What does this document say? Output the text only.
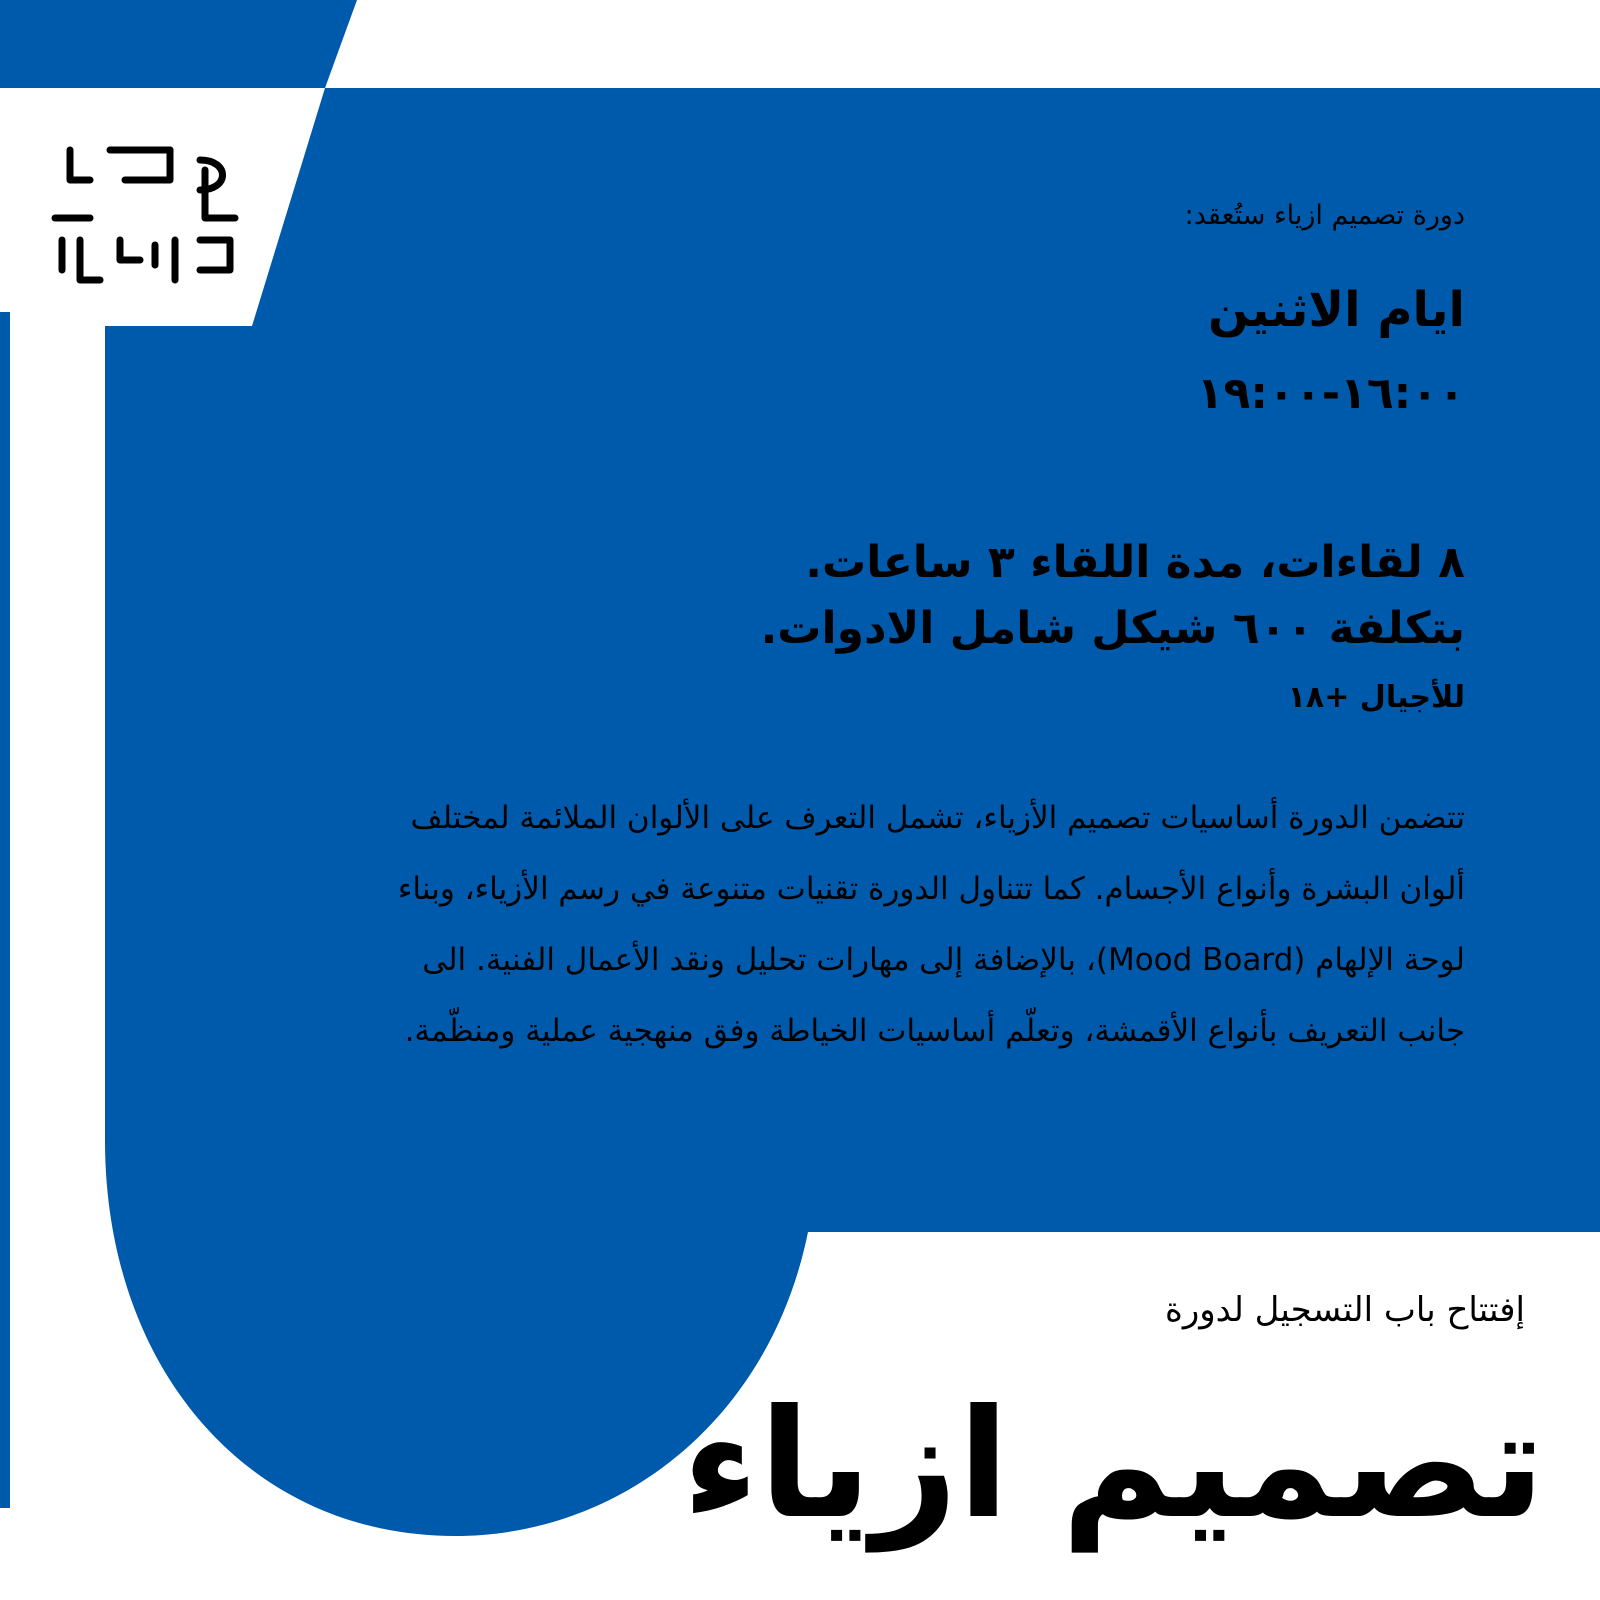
دورة تصميم ازياء ستُعقد:
ايام الاثنين
١٦:٠٠-١٩:٠٠
٨ لقاءات، مدة اللقاء ٣ ساعات.
بتكلفة ٦٠٠ شيكل شامل الادوات.
للأجيال +١٨
تتضمن الدورة أساسيات تصميم الأزياء، تشمل التعرف على الألوان الملائمة لمختلف
ألوان البشرة وأنواع الأجسام. كما تتناول الدورة تقنيات متنوعة في رسم الأزياء، وبناء
لوحة الإلهام (Mood Board)، بالإضافة إلى مهارات تحليل ونقد الأعمال الفنية. الى
جانب التعريف بأنواع الأقمشة، وتعلّم أساسيات الخياطة وفق منهجية عملية ومنظّمة.
إفتتاح باب التسجيل لدورة
تصميم ازياء
